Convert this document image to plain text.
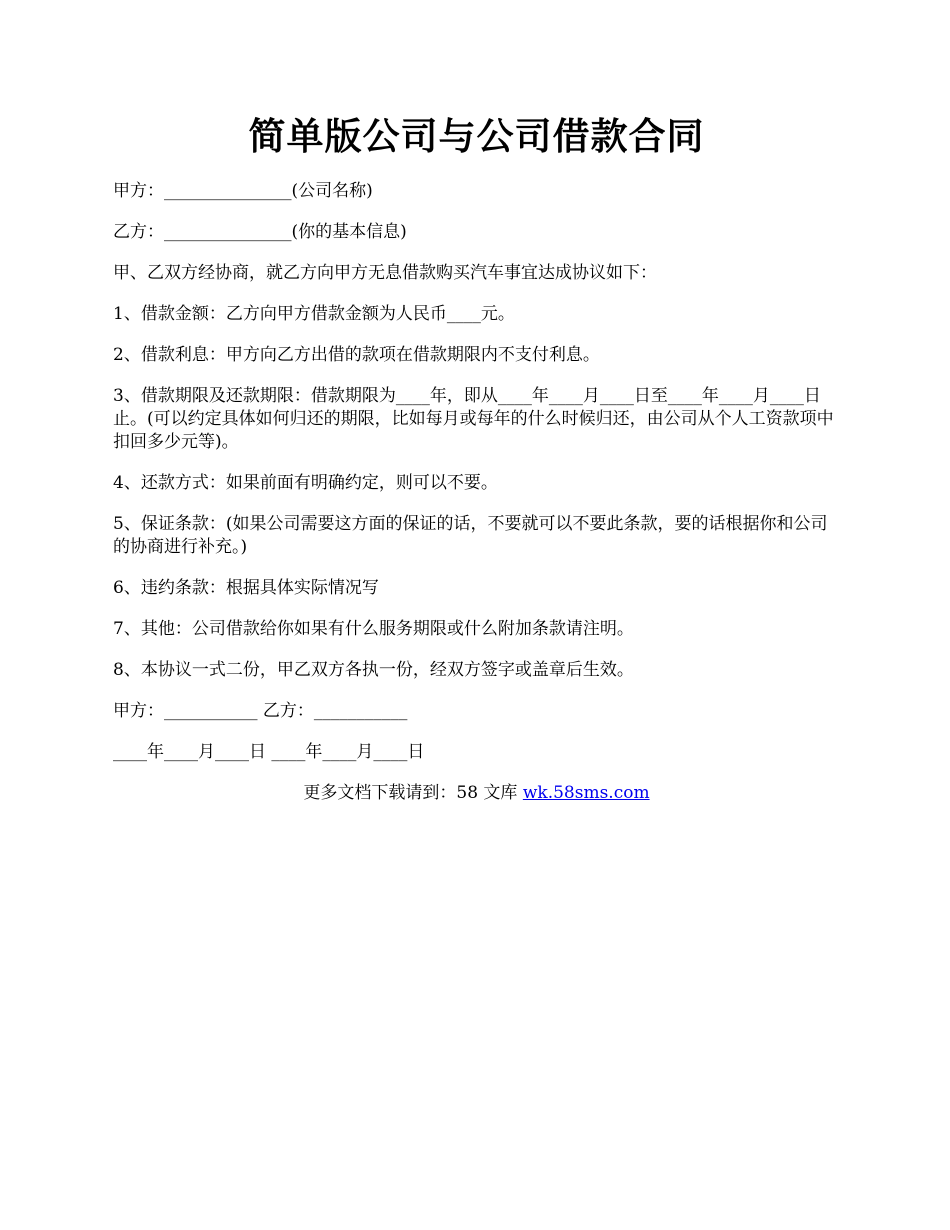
简单版公司与公司借款合同

甲方：_______________(公司名称)

乙方：_______________(你的基本信息)

甲、乙双方经协商，就乙方向甲方无息借款购买汽车事宜达成协议如下：

1、借款金额：乙方向甲方借款金额为人民币____元。

2、借款利息：甲方向乙方出借的款项在借款期限内不支付利息。

3、借款期限及还款期限：借款期限为____年，即从____年____月____日至____年____月____日止。(可以约定具体如何归还的期限，比如每月或每年的什么时候归还，由公司从个人工资款项中扣回多少元等)。

4、还款方式：如果前面有明确约定，则可以不要。

5、保证条款：(如果公司需要这方面的保证的话，不要就可以不要此条款，要的话根据你和公司的协商进行补充。)

6、违约条款：根据具体实际情况写

7、其他：公司借款给你如果有什么服务期限或什么附加条款请注明。

8、本协议一式二份，甲乙双方各执一份，经双方签字或盖章后生效。

甲方：___________ 乙方：___________

____年____月____日 ____年____月____日

更多文档下载请到：58 文库 wk.58sms.com
